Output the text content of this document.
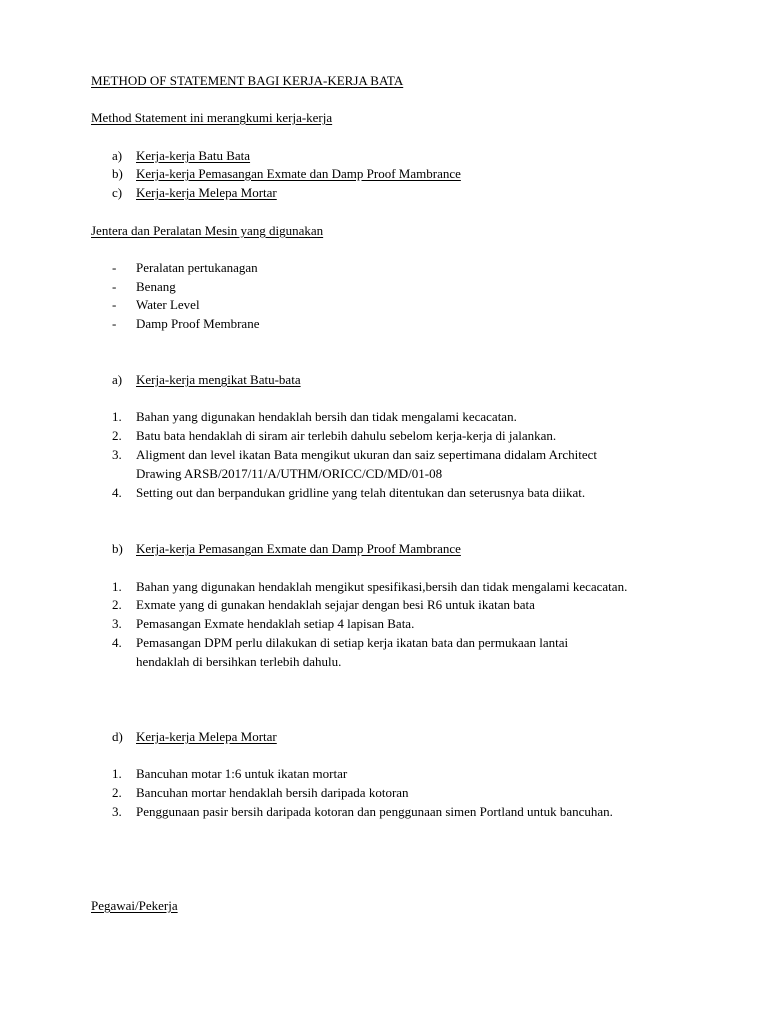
METHOD OF STATEMENT BAGI KERJA-KERJA BATA
Method Statement ini merangkumi kerja-kerja
a) Kerja-kerja Batu Bata
b) Kerja-kerja Pemasangan Exmate dan Damp Proof Mambrance
c) Kerja-kerja Melepa Mortar
Jentera dan Peralatan Mesin yang digunakan
- Peralatan pertukanagan
- Benang
- Water Level
- Damp Proof Membrane
a) Kerja-kerja mengikat Batu-bata
1. Bahan yang digunakan hendaklah bersih dan tidak mengalami kecacatan.
2. Batu bata hendaklah di siram air terlebih dahulu sebelom kerja-kerja di jalankan.
3. Aligment dan level ikatan Bata mengikut ukuran dan saiz sepertimana didalam Architect
Drawing ARSB/2017/11/A/UTHM/ORICC/CD/MD/01-08
4. Setting out dan berpandukan gridline yang telah ditentukan dan seterusnya bata diikat.
b) Kerja-kerja Pemasangan Exmate dan Damp Proof Mambrance
1. Bahan yang digunakan hendaklah mengikut spesifikasi,bersih dan tidak mengalami kecacatan.
2. Exmate yang di gunakan hendaklah sejajar dengan besi R6 untuk ikatan bata
3. Pemasangan Exmate hendaklah setiap 4 lapisan Bata.
4. Pemasangan DPM perlu dilakukan di setiap kerja ikatan bata dan permukaan lantai
hendaklah di bersihkan terlebih dahulu.
d) Kerja-kerja Melepa Mortar
1. Bancuhan motar 1:6 untuk ikatan mortar
2. Bancuhan mortar hendaklah bersih daripada kotoran
3. Penggunaan pasir bersih daripada kotoran dan penggunaan simen Portland untuk bancuhan.
Pegawai/Pekerja
